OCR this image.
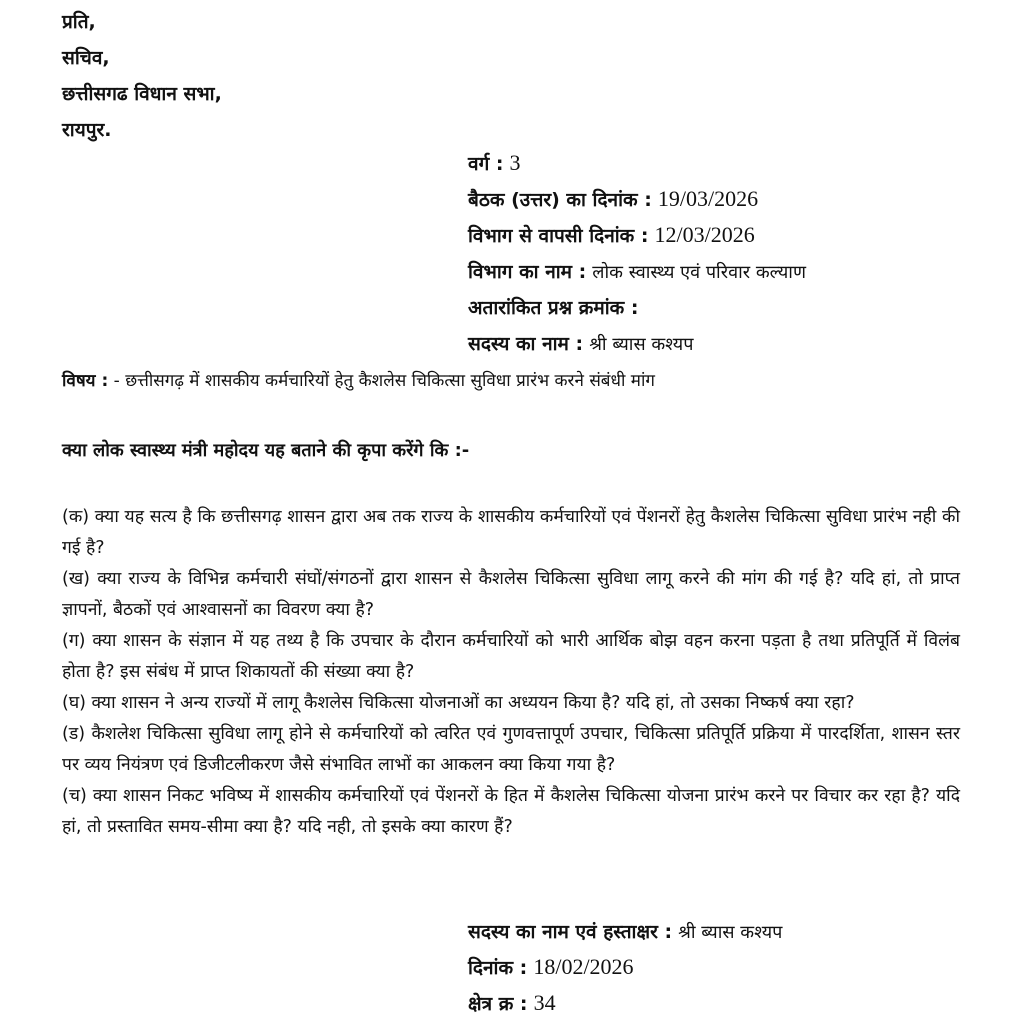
प्रति,
सचिव,
छत्तीसगढ विधान सभा,
रायपुर.
वर्ग : 3
बैठक (उत्तर) का दिनांक : 19/03/2026
विभाग से वापसी दिनांक : 12/03/2026
विभाग का नाम : लोक स्वास्थ्य एवं परिवार कल्याण
अतारांकित प्रश्न क्रमांक :
सदस्य का नाम : श्री ब्यास कश्यप
विषय : - छत्तीसगढ़ में शासकीय कर्मचारियों हेतु कैशलेस चिकित्सा सुविधा प्रारंभ करने संबंधी मांग
क्या लोक स्वास्थ्य मंत्री महोदय यह बताने की कृपा करेंगे कि :-

(क) क्या यह सत्य है कि छत्तीसगढ़ शासन द्वारा अब तक राज्य के शासकीय कर्मचारियों एवं पेंशनरों हेतु कैशलेस चिकित्सा सुविधा प्रारंभ नही की गई है?

(ख) क्या राज्य के विभिन्न कर्मचारी संघों/संगठनों द्वारा शासन से कैशलेस चिकित्सा सुविधा लागू करने की मांग की गई है? यदि हां, तो प्राप्त ज्ञापनों, बैठकों एवं आश्वासनों का विवरण क्या है?

(ग) क्या शासन के संज्ञान में यह तथ्य है कि उपचार के दौरान कर्मचारियों को भारी आर्थिक बोझ वहन करना पड़ता है तथा प्रतिपूर्ति में विलंब होता है? इस संबंध में प्राप्त शिकायतों की संख्या क्या है?

(घ) क्या शासन ने अन्य राज्यों में लागू कैशलेस चिकित्सा योजनाओं का अध्ययन किया है? यदि हां, तो उसका निष्कर्ष क्या रहा?

(ड) कैशलेश चिकित्सा सुविधा लागू होने से कर्मचारियों को त्वरित एवं गुणवत्तापूर्ण उपचार, चिकित्सा प्रतिपूर्ति प्रक्रिया में पारदर्शिता, शासन स्तर पर व्यय नियंत्रण एवं डिजीटलीकरण जैसे संभावित लाभों का आकलन क्या किया गया है?

(च) क्या शासन निकट भविष्य में शासकीय कर्मचारियों एवं पेंशनरों के हित में कैशलेस चिकित्सा योजना प्रारंभ करने पर विचार कर रहा है? यदि हां, तो प्रस्तावित समय-सीमा क्या है? यदि नही, तो इसके क्या कारण हैं?

सदस्य का नाम एवं हस्ताक्षर : श्री ब्यास कश्यप
दिनांक : 18/02/2026
क्षेत्र क्र : 34
